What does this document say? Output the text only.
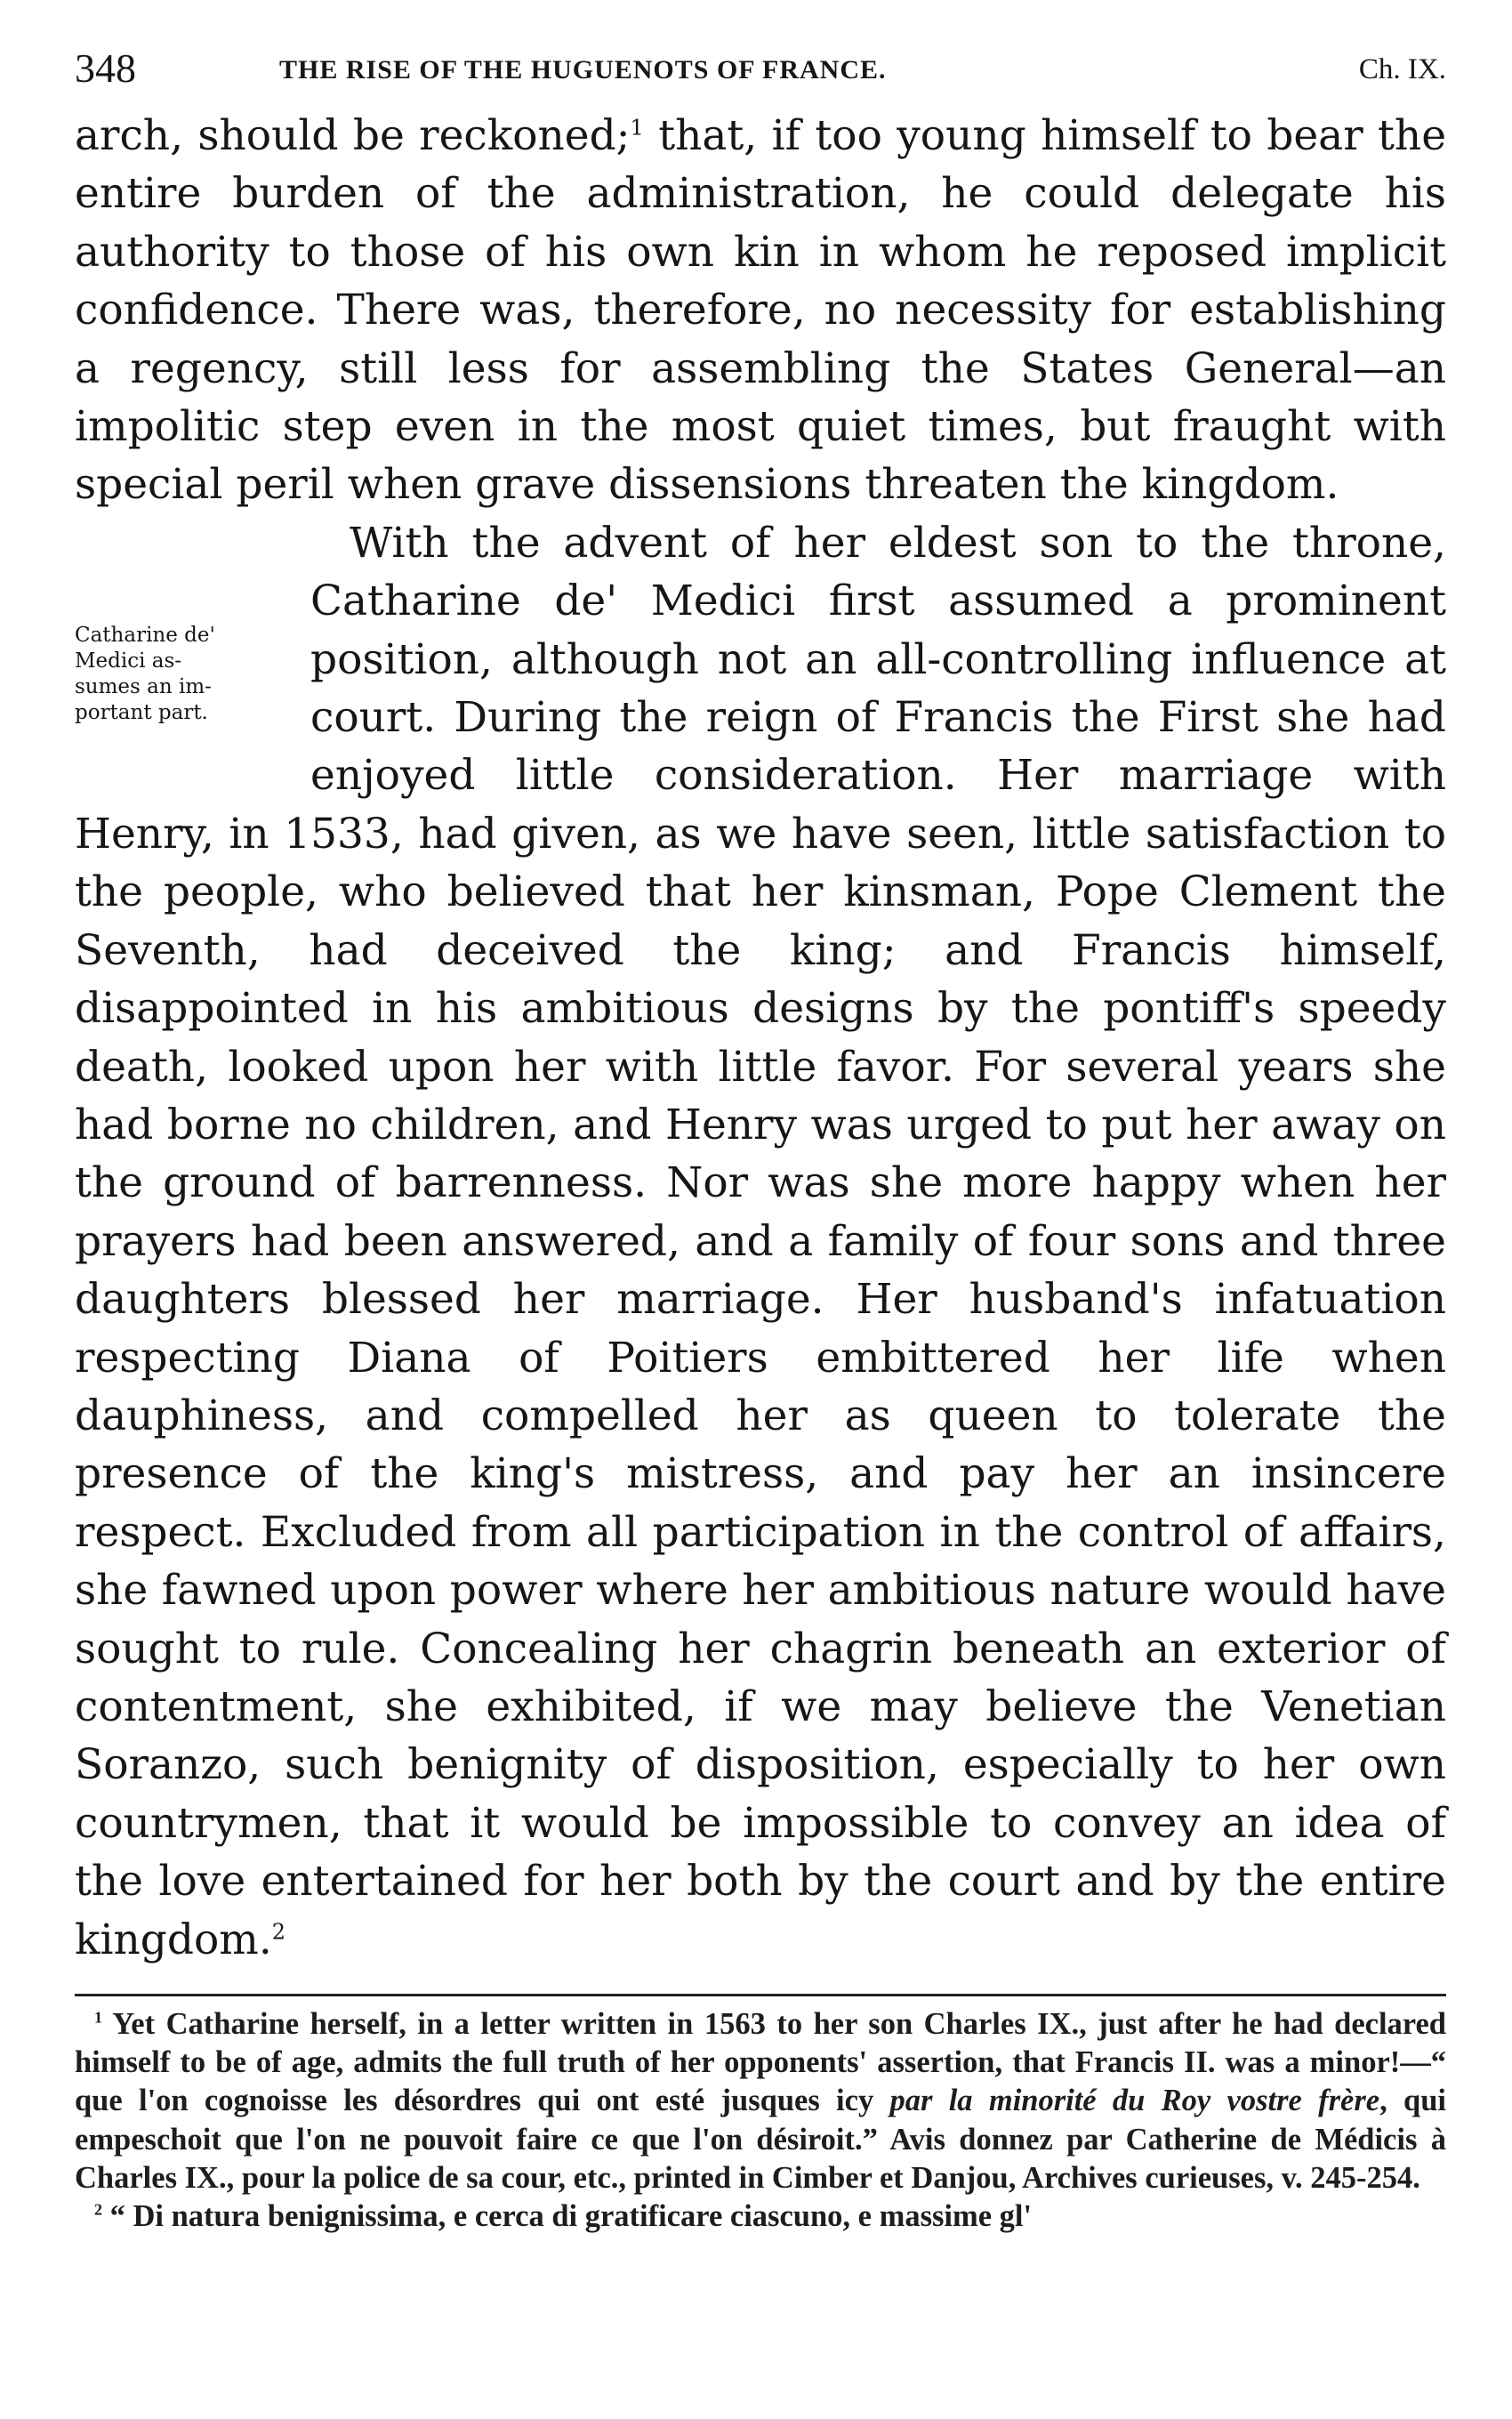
348	THE RISE OF THE HUGUENOTS OF FRANCE.	Ch. IX.

arch, should be reckoned;$^1$ that, if too young himself to bear the entire burden of the administration, he could delegate his authority to those of his own kin in whom he reposed implicit confidence. There was, therefore, no necessity for establishing a regency, still less for assembling the States General—an impolitic step even in the most quiet times, but fraught with special peril when grave dissensions threaten the kingdom.

Catharine de'
Medici as-
sumes an im-
portant part.

With the advent of her eldest son to the throne, Catharine de' Medici first assumed a prominent position, although not an all-controlling influence at court. During the reign of Francis the First she had enjoyed little consideration. Her marriage with Henry, in 1533, had given, as we have seen, little satisfaction to the people, who believed that her kinsman, Pope Clement the Seventh, had deceived the king; and Francis himself, disappointed in his ambitious designs by the pontiff's speedy death, looked upon her with little favor. For several years she had borne no children, and Henry was urged to put her away on the ground of barrenness. Nor was she more happy when her prayers had been answered, and a family of four sons and three daughters blessed her marriage. Her husband's infatuation respecting Diana of Poitiers embittered her life when dauphiness, and compelled her as queen to tolerate the presence of the king's mistress, and pay her an insincere respect. Excluded from all participation in the control of affairs, she fawned upon power where her ambitious nature would have sought to rule. Concealing her chagrin beneath an exterior of contentment, she exhibited, if we may believe the Venetian Soranzo, such benignity of disposition, especially to her own countrymen, that it would be impossible to convey an idea of the love entertained for her both by the court and by the entire kingdom.$^2$

$^1$ Yet Catharine herself, in a letter written in 1563 to her son Charles IX., just after he had declared himself to be of age, admits the full truth of her opponents' assertion, that Francis II. was a minor!—“ que l'on cognoisse les désordres qui ont esté jusques icy par la minorité du Roy vostre frère, qui empeschoit que l'on ne pouvoit faire ce que l'on désiroit.” Avis donnez par Catherine de Médicis à Charles IX., pour la police de sa cour, etc., printed in Cimber et Danjou, Archives curieuses, v. 245-254.

$^2$ “ Di natura benignissima, e cerca di gratificare ciascuno, e massime gl'
